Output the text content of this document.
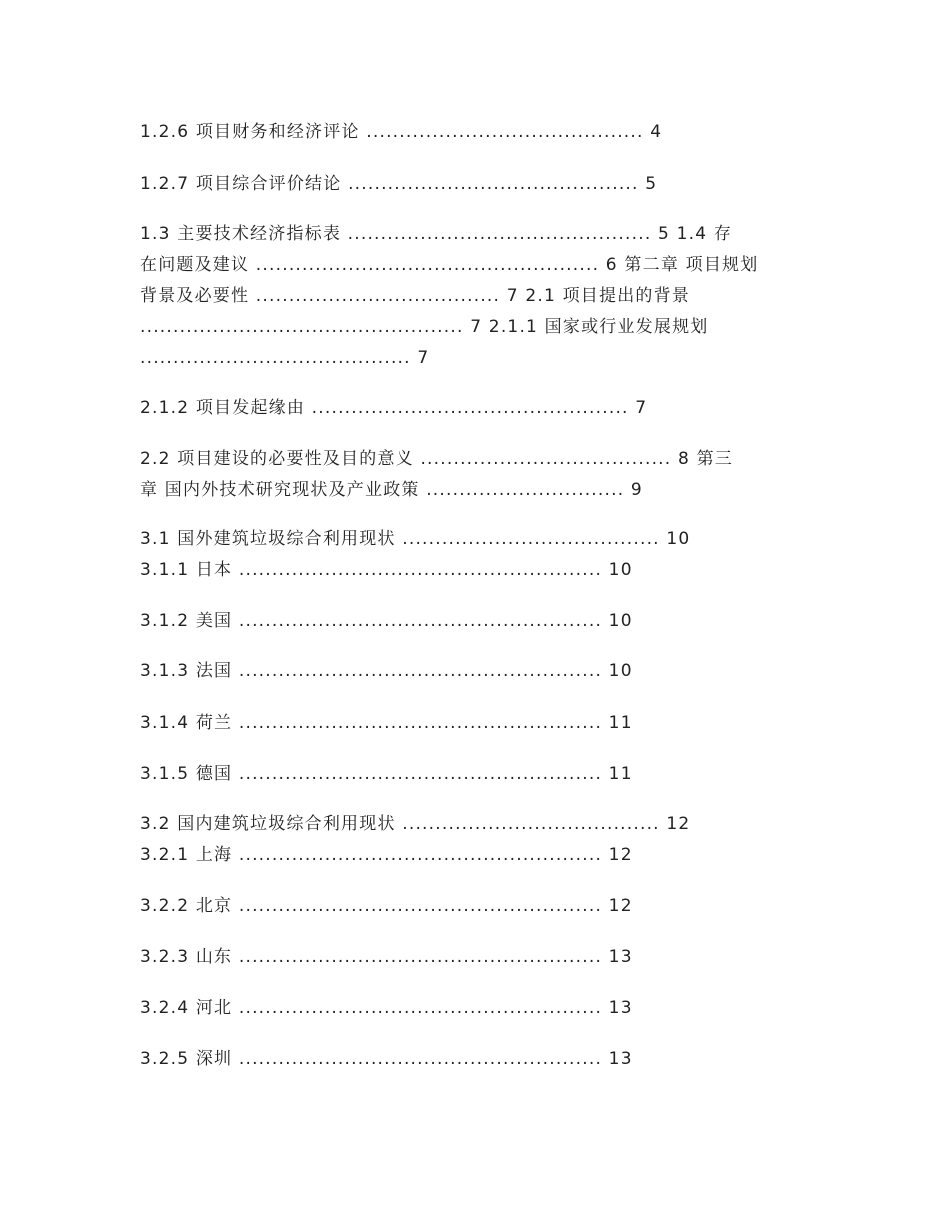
1.2.6 项目财务和经济评论 .......................................... 4
1.2.7 项目综合评价结论 ............................................ 5
1.3 主要技术经济指标表 .............................................. 5 1.4 存
在问题及建议 .................................................... 6 第二章 项目规划
背景及必要性 ..................................... 7 2.1 项目提出的背景
................................................. 7 2.1.1 国家或行业发展规划
......................................... 7
2.1.2 项目发起缘由 ................................................ 7
2.2 项目建设的必要性及目的意义 ...................................... 8 第三
章 国内外技术研究现状及产业政策 .............................. 9
3.1 国外建筑垃圾综合利用现状 ....................................... 10
3.1.1 日本 ....................................................... 10
3.1.2 美国 ....................................................... 10
3.1.3 法国 ....................................................... 10
3.1.4 荷兰 ....................................................... 11
3.1.5 德国 ....................................................... 11
3.2 国内建筑垃圾综合利用现状 ....................................... 12
3.2.1 上海 ....................................................... 12
3.2.2 北京 ....................................................... 12
3.2.3 山东 ....................................................... 13
3.2.4 河北 ....................................................... 13
3.2.5 深圳 ....................................................... 13
